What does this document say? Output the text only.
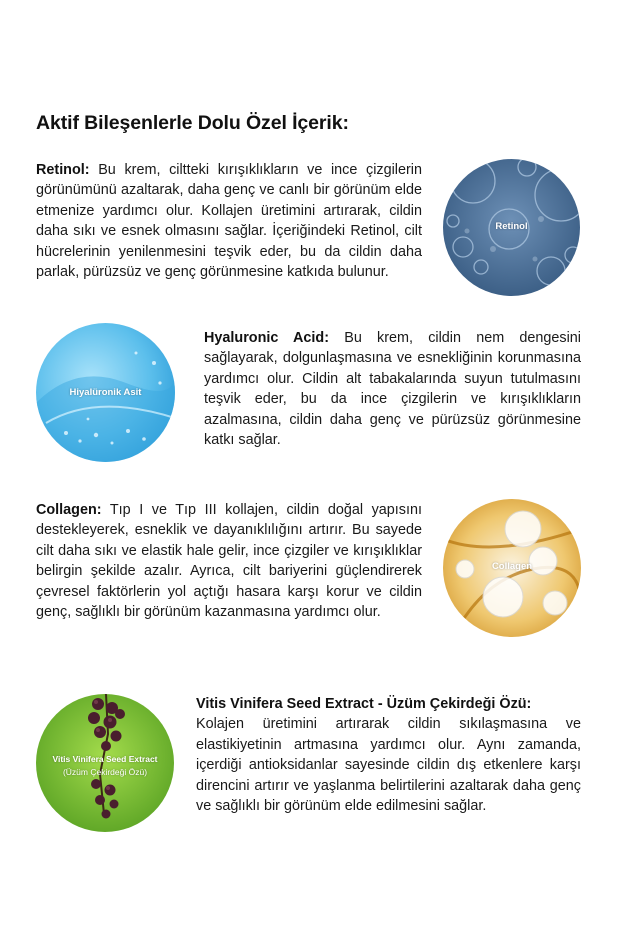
Aktif Bileşenlerle Dolu Özel İçerik:

Retinol: Bu krem, ciltteki kırışıklıkların ve ince çizgilerin görünümünü azaltarak, daha genç ve canlı bir görünüm elde etmenize yardımcı olur. Kollajen üretimini artırarak, cildin daha sıkı ve esnek olmasını sağlar. İçeriğindeki Retinol, cilt hücrelerinin yenilenmesini teşvik eder, bu da cildin daha parlak, pürüzsüz ve genç görünmesine katkıda bulunur.

Retinol

Hyaluronic Acid: Bu krem, cildin nem dengesini sağlayarak, dolgunlaşmasına ve esnekliğinin korunmasına yardımcı olur. Cildin alt tabakalarında suyun tutulmasını teşvik eder, bu da ince çizgilerin ve kırışıklıkların azalmasına, cildin daha genç ve pürüzsüz görünmesine katkı sağlar.

Hiyalüronik Asit

Collagen: Tıp I ve Tıp III kollajen, cildin doğal yapısını destekleyerek, esneklik ve dayanıklılığını artırır. Bu sayede cilt daha sıkı ve elastik hale gelir, ince çizgiler ve kırışıklıklar belirgin şekilde azalır. Ayrıca, cilt bariyerini güçlendirerek çevresel faktörlerin yol açtığı hasara karşı korur ve cildin genç, sağlıklı bir görünüm kazanmasına yardımcı olur.

Collagen

Vitis Vinifera Seed Extract - Üzüm Çekirdeği Özü:
Kolajen üretimini artırarak cildin sıkılaşmasına ve elastikiyetinin artmasına yardımcı olur. Aynı zamanda, içerdiği antioksidanlar sayesinde cildin dış etkenlere karşı direncini artırır ve yaşlanma belirtilerini azaltarak daha genç ve sağlıklı bir görünüm elde edilmesini sağlar.

Vitis Vinifera Seed Extract
(Üzüm Çekirdeği Özü)
